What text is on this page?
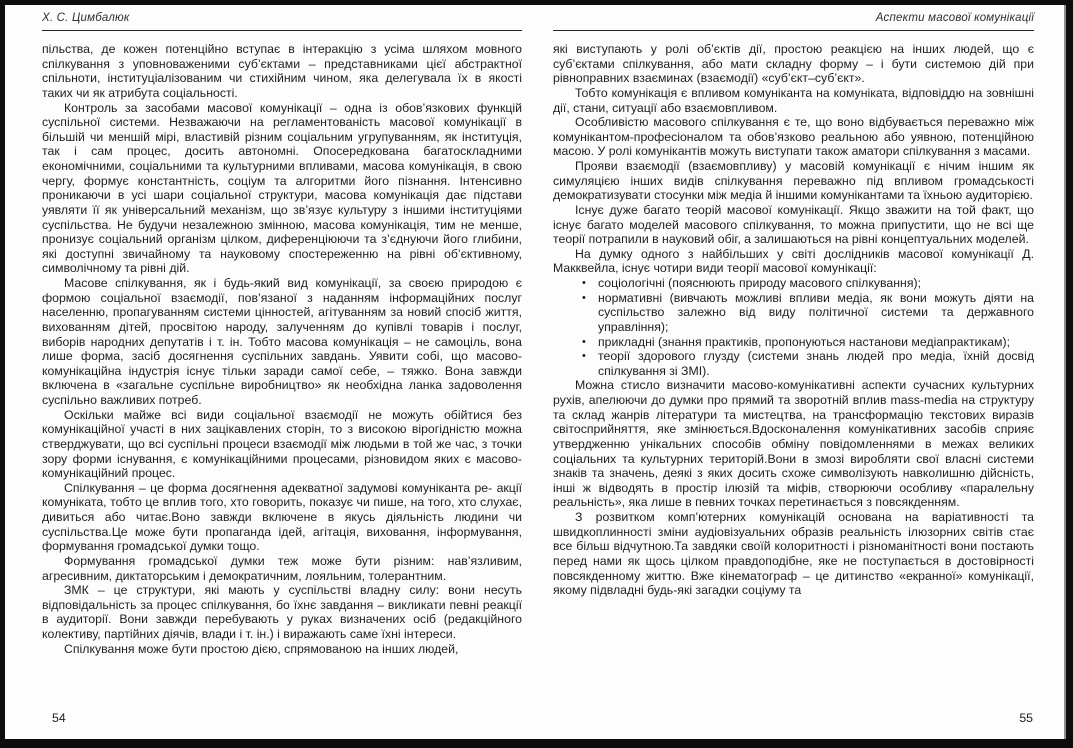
Х. С. Цимбалюк
пільства, де кожен потенційно вступає в інтеракцію з усіма шляхом мовного спілкування з уповноваженими суб’єктами – представниками цієї абстрактної спільноти, інституціалізованим чи стихійним чином, яка делегувала їх в якості таких чи як атрибута соціальності.
Контроль за засобами масової комунікації – одна із обов’язкових функцій суспільної системи. Незважаючи на регламентованість масової комунікації в більшій чи меншій мірі, властивій різним соціальним угрупуванням, як інституція, так і сам процес, досить автономні. Опосередкована багатоскладними економічними, соціальними та культурними впливами, масова комунікація, в свою чергу, формує константність, соціум та алгоритми його пізнання. Інтенсивно проникаючи в усі шари соціальної структури, масова комунікація дає підстави уявляти її як універсальний механізм, що зв’язує культуру з іншими інституціями суспільства. Не будучи незалежною змінною, масова комунікація, тим не менше, пронизує соціальний організм цілком, диференціюючи та з’єднуючи його глибини, які доступні звичайному та науковому спостереженню на рівні об’єктивному, символічному та рівні дій.
Масове спілкування, як і будь-який вид комунікації, за своєю природою є формою соціальної взаємодії, пов’язаної з наданням інформаційних послуг населенню, пропагуванням системи цінностей, агітуванням за новий спосіб життя, вихованням дітей, просвітою народу, залученням до купівлі товарів і послуг, виборів народних депутатів і т. ін. Тобто масова комунікація – не самоціль, вона лише форма, засіб досягнення суспільних завдань. Уявити собі, що масово-комунікаційна індустрія існує тільки заради самої себе, – тяжко. Вона завжди включена в «загальне суспільне виробництво» як необхідна ланка задоволення суспільно важливих потреб.
Оскільки майже всі види соціальної взаємодії не можуть обійтися без комунікаційної участі в них зацікавлених сторін, то з високою вірогідністю можна стверджувати, що всі суспільні процеси взаємодії між людьми в той же час, з точки зору форми існування, є комунікаційними процесами, різновидом яких є масово-комунікаційний процес.
Спілкування – це форма досягнення адекватної задумові комуніканта ре- акції комуніката, тобто це вплив того, хто говорить, показує чи пише, на того, хто слухає, дивиться або читає.Воно завжди включене в якусь діяльність людини чи суспільства.Це може бути пропаганда ідей, агітація, виховання, інформування, формування громадської думки тощо.
Формування громадської думки теж може бути різним: нав’язливим, агресивним, диктаторським і демократичним, лояльним, толерантним.
ЗМК – це структури, які мають у суспільстві владну силу: вони несуть відповідальність за процес спілкування, бо їхнє завдання – викликати певні реакції в аудиторії. Вони завжди перебувають у руках визначених осіб (редакційного колективу, партійних діячів, влади і т. ін.) і виражають саме їхні інтереси.
Спілкування може бути простою дією, спрямованою на інших людей,
54
Аспекти масової комунікації
які виступають у ролі об’єктів дії, простою реакцією на інших людей, що є суб’єктами спілкування, або мати складну форму – і бути системою дій при рівноправних взаєминах (взаємодії) «суб’єкт–суб’єкт».
Тобто комунікація є впливом комуніканта на комуніката, відповіддю на зовнішні дії, стани, ситуації або взаємовпливом.
Особливістю масового спілкування є те, що воно відбувається переважно між комунікантом-професіоналом та обов’язково реальною або уявною, потенційною масою. У ролі комунікантів можуть виступати також аматори спілкування з масами.
Прояви взаємодії (взаємовпливу) у масовій комунікації є нічим іншим як симуляцією інших видів спілкування переважно під впливом громадськості демократизувати стосунки між медіа й іншими комунікантами та їхньою аудиторією.
Існує дуже багато теорій масової комунікації. Якщо зважити на той факт, що існує багато моделей масового спілкування, то можна припустити, що не всі ще теорії потрапили в науковий обіг, а залишаються на рівні концептуальних моделей.
На думку одного з найбільших у світі дослідників масової комунікації Д. Макквейла, існує чотири види теорії масової комунікації:
• соціологічні (пояснюють природу масового спілкування);
• нормативні (вивчають можливі впливи медіа, як вони можуть діяти на суспільство залежно від виду політичної системи та державного управління);
• прикладні (знання практиків, пропонуються настанови медіапрактикам);
• теорії здорового глузду (системи знань людей про медіа, їхній досвід спілкування зі ЗМІ).
Можна стисло визначити масово-комунікативні аспекти сучасних культурних рухів, апелюючи до думки про прямий та зворотній вплив mass-media на структуру та склад жанрів літератури та мистецтва, на трансформацію текстових виразів світосприйняття, яке змінюється.Вдосконалення комунікативних засобів сприяє утвердженню унікальних способів обміну повідомленнями в межах великих соціальних та культурних територій.Вони в змозі виробляти свої власні системи знаків та значень, деякі з яких досить схоже символізують навколишню дійсність, інші ж відводять в простір ілюзій та міфів, створюючи особливу «паралельну реальність», яка лише в певних точках перетинається з повсякденням.
З розвитком комп’ютерних комунікацій основана на варіативності та швидкоплинності зміни аудіовізуальних образів реальність ілюзорних світів стає все більш відчутною.Та завдяки своїй колоритності і різноманітності вони постають перед нами як щось цілком правдоподібне, яке не поступається в достовірності повсякденному життю. Вже кінематограф – це дитинство «екранної» комунікації, якому підвладні будь-які загадки соціуму та
55
